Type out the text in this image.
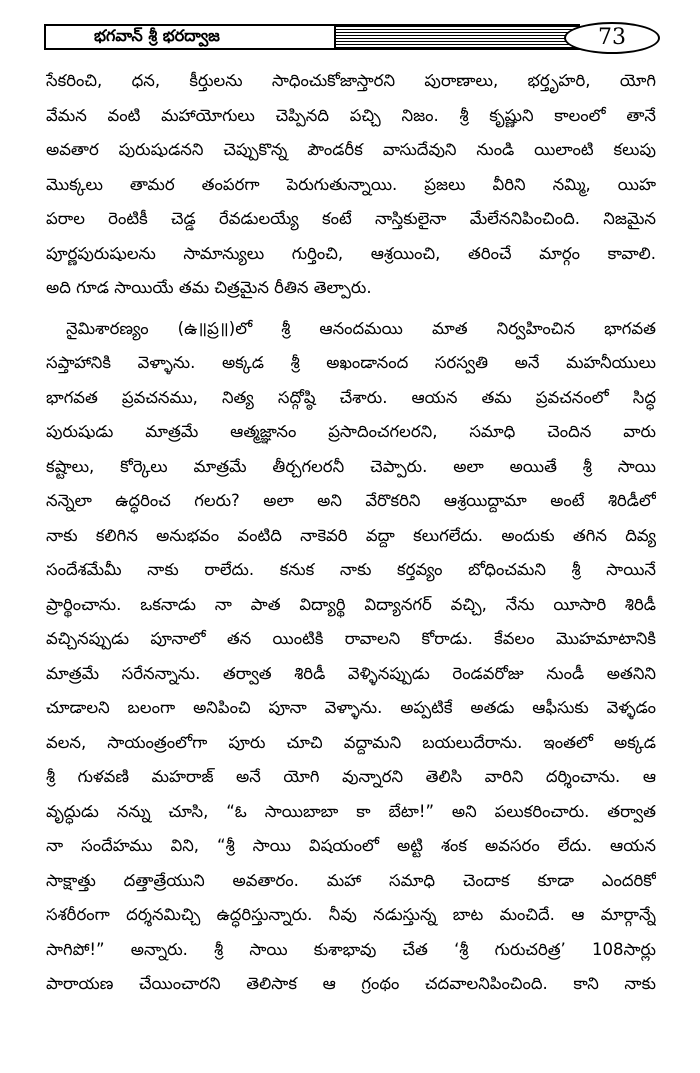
భగవాన్ శ్రీ భరద్వాజ	73
సేకరించి, ధన, కీర్తులను సాధించుకోజాస్తారని పురాణాలు, భర్తృహరి, యోగి
వేమన వంటి మహాయోగులు చెప్పినది పచ్చి నిజం. శ్రీ కృష్ణుని కాలంలో తానే
అవతార పురుషుడనని చెప్పుకొన్న పౌండరీక వాసుదేవుని నుండి యిలాంటి కలుపు
మొక్కలు తామర తంపరగా పెరుగుతున్నాయి. ప్రజలు వీరిని నమ్మి, యిహ
పరాల రెంటికీ చెడ్డ రేవడులయ్యే కంటే నాస్తికులైనా మేలేననిపించింది. నిజమైన
పూర్ణపురుషులను సామాన్యులు గుర్తించి, ఆశ్రయించి, తరించే మార్గం కావాలి.
అది గూడ సాయియే తమ చిత్రమైన రీతిన తెల్పారు.
నైమిశారణ్యం (ఉ॥ప్ర॥)లో శ్రీ ఆనందమయి మాత నిర్వహించిన భాగవత
సప్తాహానికి వెళ్ళాను. అక్కడ శ్రీ అఖండానంద సరస్వతి అనే మహనీయులు
భాగవత ప్రవచనము, నిత్య సద్గోష్ఠి చేశారు. ఆయన తమ ప్రవచనంలో సిద్ధ
పురుషుడు మాత్రమే ఆత్మజ్ఞానం ప్రసాదించగలరని, సమాధి చెందిన వారు
కష్టాలు, కోర్కెలు మాత్రమే తీర్చగలరనీ చెప్పారు. అలా అయితే శ్రీ సాయి
నన్నెలా ఉద్ధరించ గలరు? అలా అని వేరొకరిని ఆశ్రయిద్దామా అంటే శిరిడీలో
నాకు కలిగిన అనుభవం వంటిది నాకెవరి వద్దా కలుగలేదు. అందుకు తగిన దివ్య
సందేశమేమీ నాకు రాలేదు. కనుక నాకు కర్తవ్యం బోధించమని శ్రీ సాయినే
ప్రార్థించాను. ఒకనాడు నా పాత విద్యార్థి విద్యానగర్ వచ్చి, నేను యీసారి శిరిడీ
వచ్చినప్పుడు పూనాలో తన యింటికి రావాలని కోరాడు. కేవలం మొహమాటానికి
మాత్రమే సరేనన్నాను. తర్వాత శిరిడీ వెళ్ళినప్పుడు రెండవరోజు నుండీ అతనిని
చూడాలని బలంగా అనిపించి పూనా వెళ్ళాను. అప్పటికే అతడు ఆఫీసుకు వెళ్ళడం
వలన, సాయంత్రంలోగా పూరు చూచి వద్దామని బయలుదేరాను. ఇంతలో అక్కడ
శ్రీ గుళవణి మహరాజ్ అనే యోగి వున్నారని తెలిసి వారిని దర్శించాను. ఆ
వృద్ధుడు నన్ను చూసి, “ఓ సాయిబాబా కా బేటా!” అని పలుకరించారు. తర్వాత
నా సందేహము విని, “శ్రీ సాయి విషయంలో అట్టి శంక అవసరం లేదు. ఆయన
సాక్షాత్తు దత్తాత్రేయుని అవతారం. మహా సమాధి చెందాక కూడా ఎందరికో
సశరీరంగా దర్శనమిచ్చి ఉద్ధరిస్తున్నారు. నీవు నడుస్తున్న బాట మంచిదే. ఆ మార్గాన్నే
సాగిపో!” అన్నారు. శ్రీ సాయి కుశాభావు చేత ‘శ్రీ గురుచరిత్ర’ 108సార్లు
పారాయణ చేయించారని తెలిసాక ఆ గ్రంథం చదవాలనిపించింది. కాని నాకు
